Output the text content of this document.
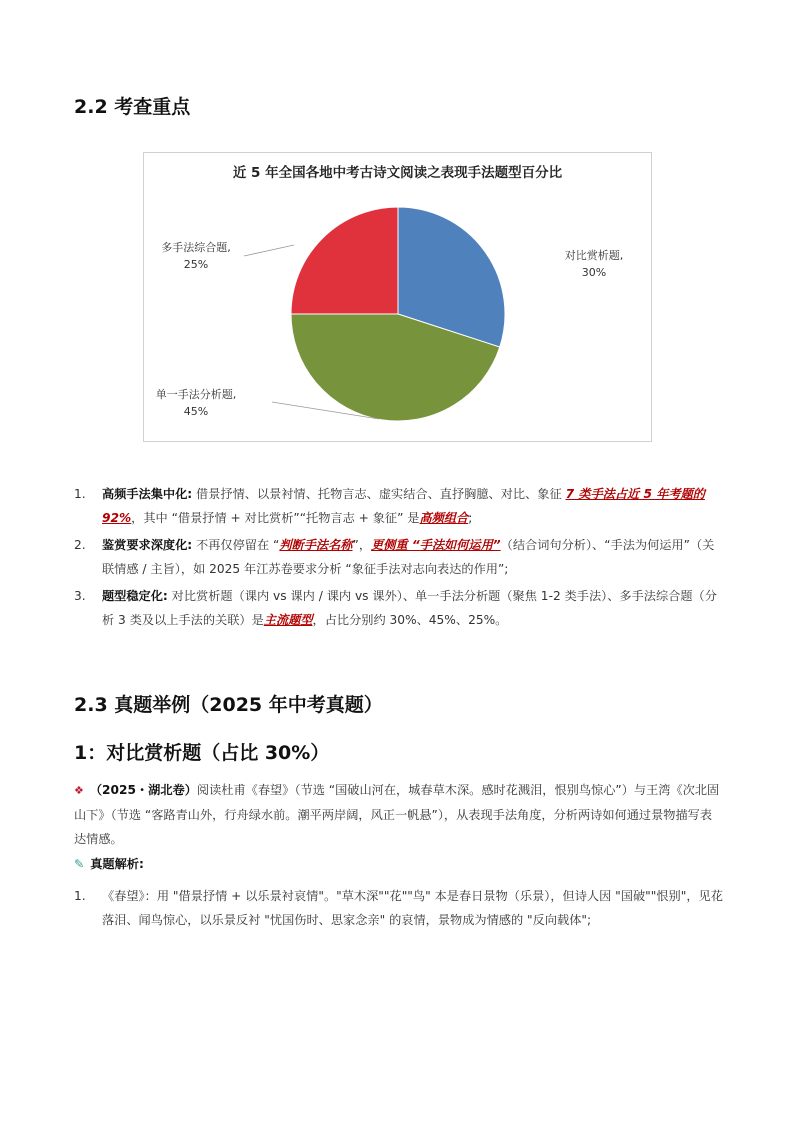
2.2 考查重点
近 5 年全国各地中考古诗文阅读之表现手法题型百分比
对比赏析题,
30%
单一手法分析题,
45%
多手法综合题,
25%
1. 高频手法集中化: 借景抒情、以景衬情、托物言志、虚实结合、直抒胸臆、对比、象征 7 类手法占近 5 年考题的 92%，其中 “借景抒情 + 对比赏析”“托物言志 + 象征” 是高频组合;
2. 鉴赏要求深度化: 不再仅停留在 “判断手法名称”，更侧重 “手法如何运用”（结合词句分析）、“手法为何运用”（关联情感 / 主旨），如 2025 年江苏卷要求分析 “象征手法对志向表达的作用”;
3. 题型稳定化: 对比赏析题（课内 vs 课内 / 课内 vs 课外）、单一手法分析题（聚焦 1-2 类手法）、多手法综合题（分析 3 类及以上手法的关联）是主流题型，占比分别约 30%、45%、25%。
2.3 真题举例（2025 年中考真题）
1：对比赏析题（占比 30%）
❖ （2025・湖北卷）阅读杜甫《春望》（节选 “国破山河在，城春草木深。感时花溅泪，恨别鸟惊心”）与王湾《次北固山下》（节选 “客路青山外，行舟绿水前。潮平两岸阔，风正一帆悬”），从表现手法角度，分析两诗如何通过景物描写表达情感。
✎ 真题解析:
1. 《春望》：用 "借景抒情 + 以乐景衬哀情"。"草木深""花""鸟" 本是春日景物（乐景），但诗人因 "国破""恨别"，见花落泪、闻鸟惊心，以乐景反衬 "忧国伤时、思家念亲" 的哀情，景物成为情感的 "反向载体";
